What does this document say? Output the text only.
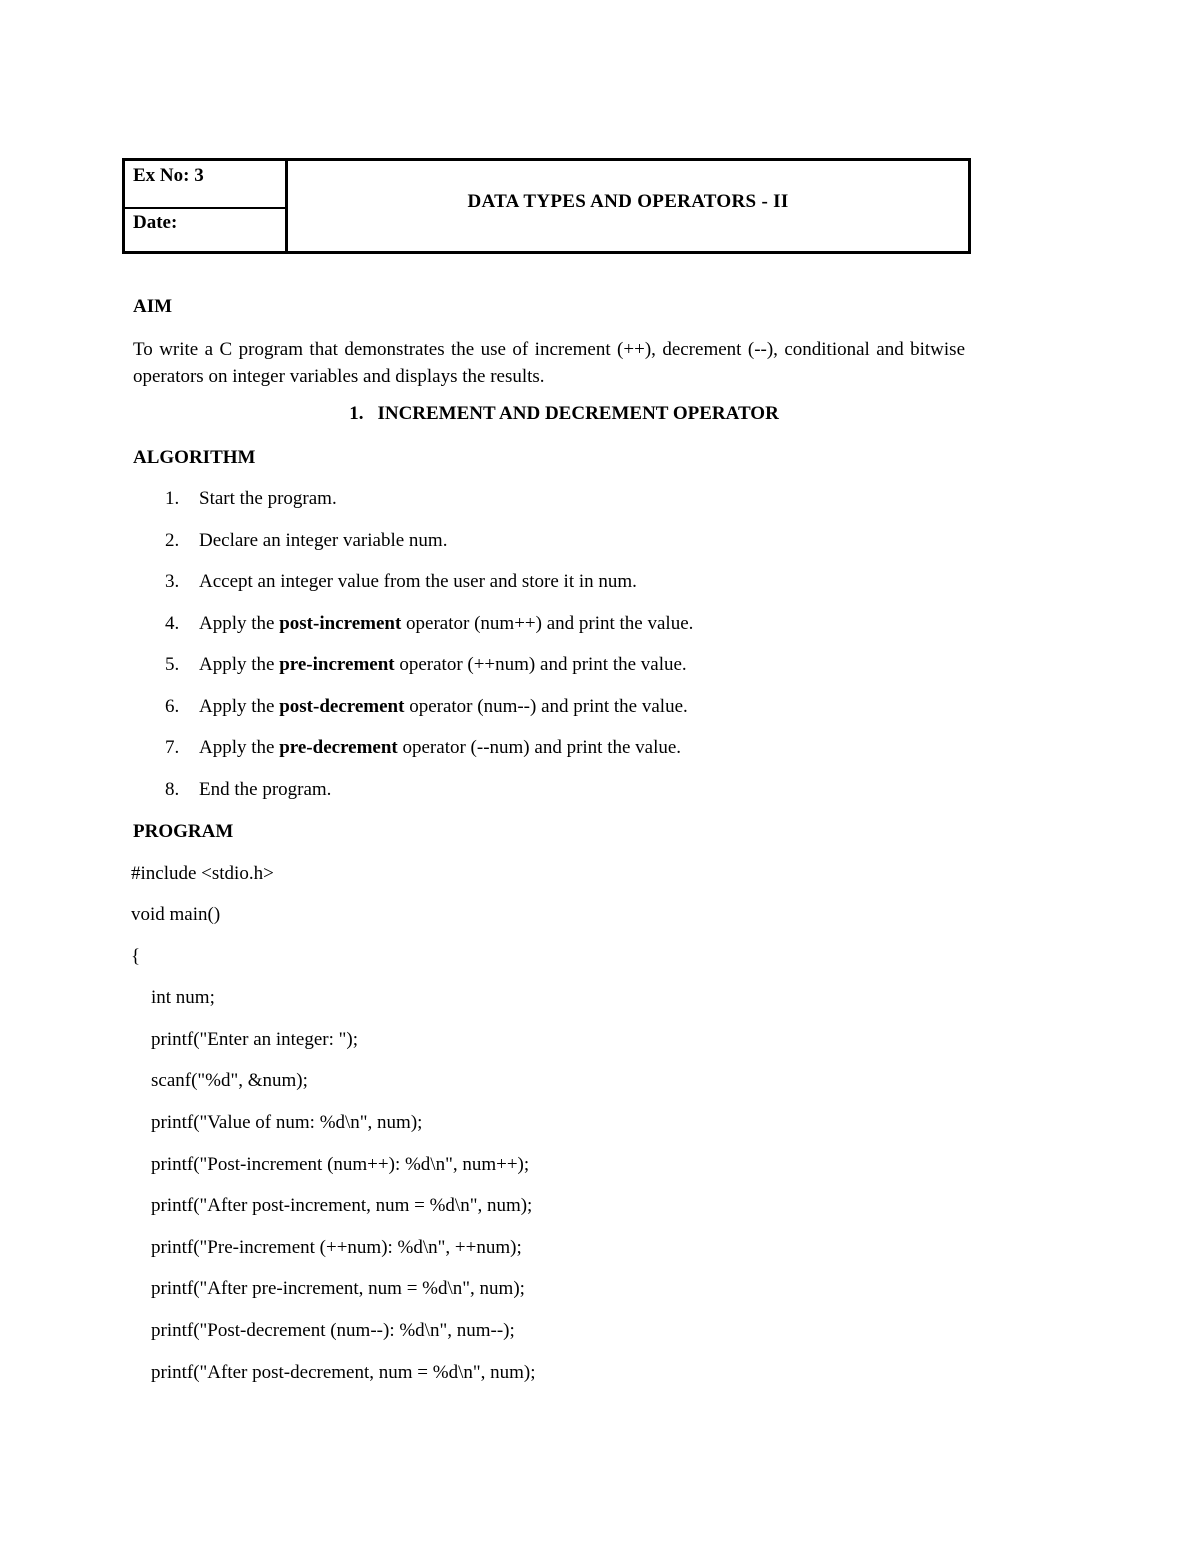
Ex No: 3
Date:
DATA TYPES AND OPERATORS - II
AIM
To write a C program that demonstrates the use of increment (++), decrement (--), conditional and bitwise operators on integer variables and displays the results.
1. INCREMENT AND DECREMENT OPERATOR
ALGORITHM
1. Start the program.
2. Declare an integer variable num.
3. Accept an integer value from the user and store it in num.
4. Apply the post-increment operator (num++) and print the value.
5. Apply the pre-increment operator (++num) and print the value.
6. Apply the post-decrement operator (num--) and print the value.
7. Apply the pre-decrement operator (--num) and print the value.
8. End the program.
PROGRAM
#include <stdio.h>
void main()
{
int num;
printf("Enter an integer: ");
scanf("%d", &num);
printf("Value of num: %d\n", num);
printf("Post-increment (num++): %d\n", num++);
printf("After post-increment, num = %d\n", num);
printf("Pre-increment (++num): %d\n", ++num);
printf("After pre-increment, num = %d\n", num);
printf("Post-decrement (num--): %d\n", num--);
printf("After post-decrement, num = %d\n", num);
